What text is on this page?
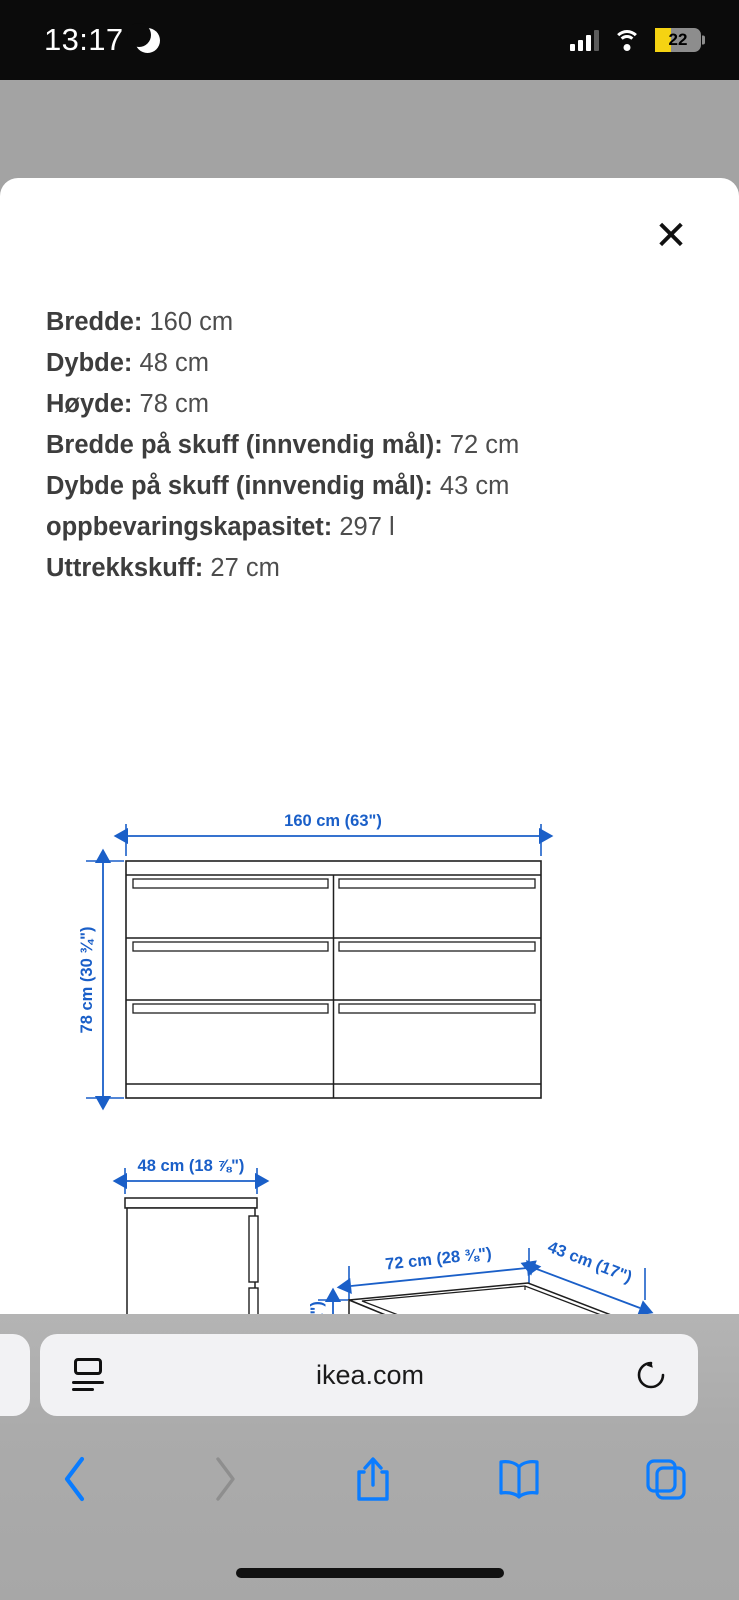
13:17	22
✕
Bredde: 160 cm
Dybde: 48 cm
Høyde: 78 cm
Bredde på skuff (innvendig mål): 72 cm
Dybde på skuff (innvendig mål): 43 cm
oppbevaringskapasitet: 297 l
Uttrekkskuff: 27 cm
160 cm (63")
78 cm (30 ¾")
48 cm (18 ⅞")
72 cm (28 ⅜")	43 cm (17")
ikea.com
